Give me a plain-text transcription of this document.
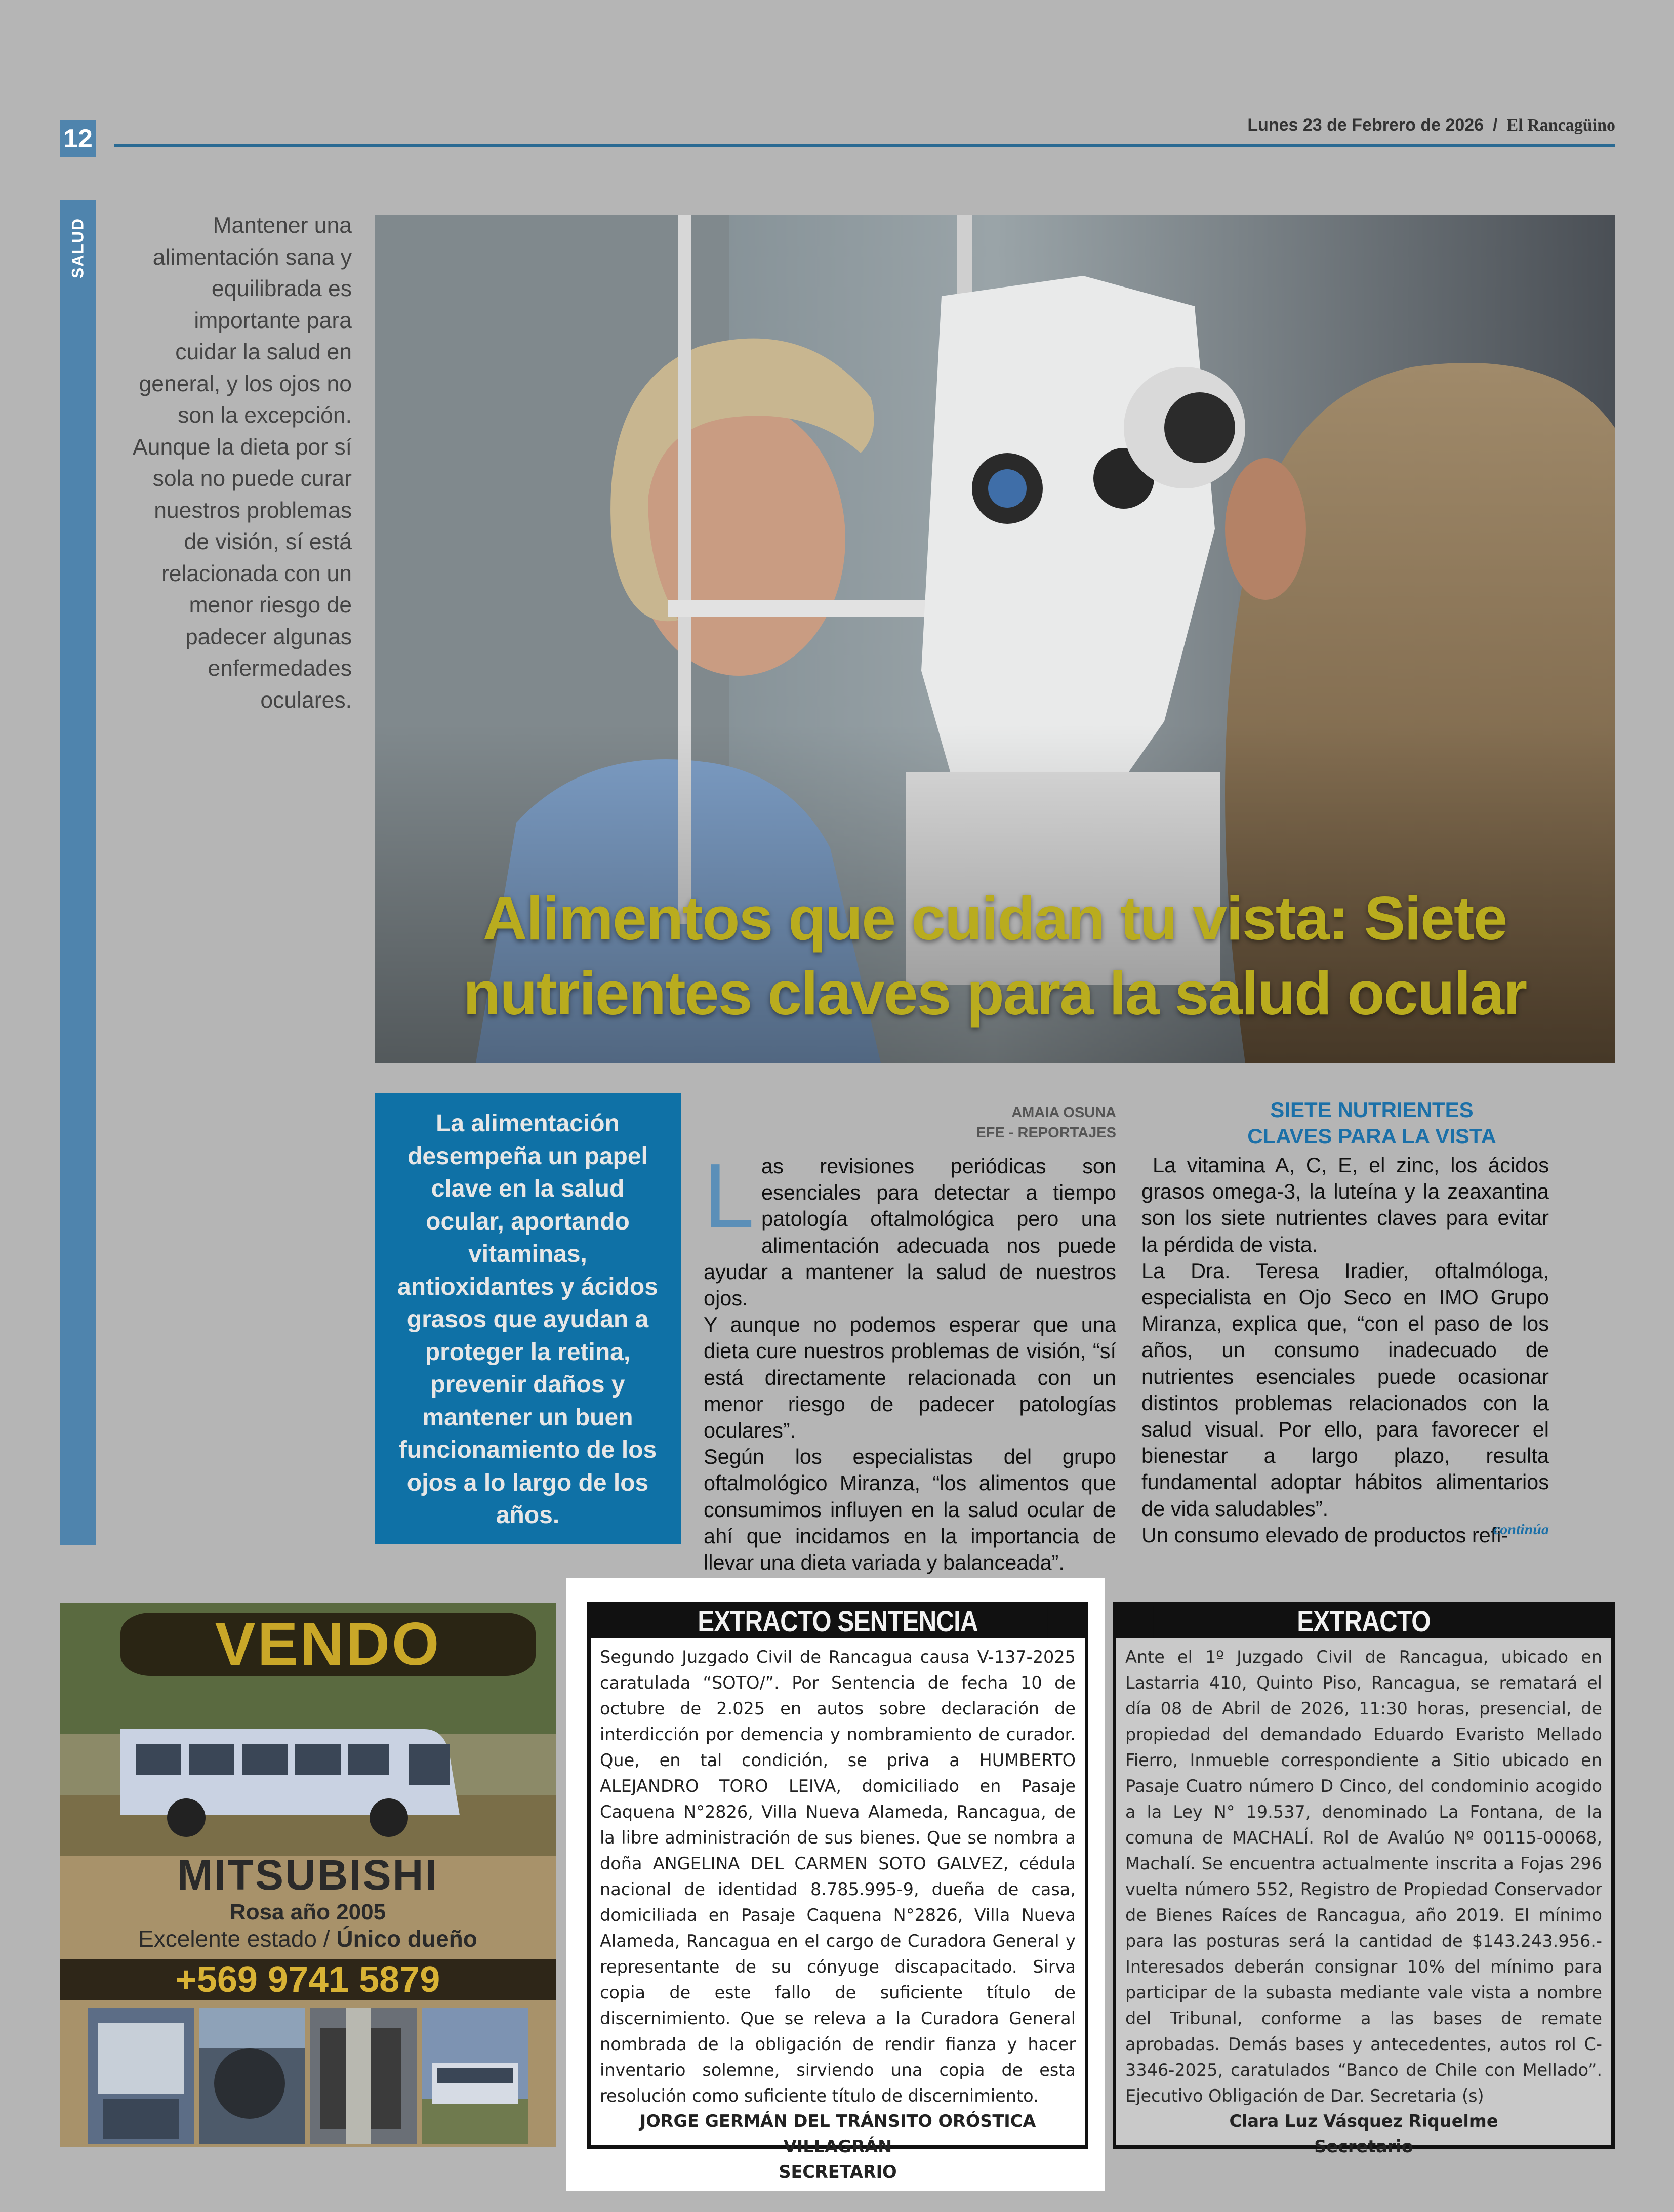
12	Lunes 23 de Febrero de 2026 / El Rancagüino
SALUD	Mantener una alimentación sana y equilibrada es importante para cuidar la salud en general, y los ojos no son la excepción. Aunque la dieta por sí sola no puede curar nuestros problemas de visión, sí está relacionada con un menor riesgo de padecer algunas enfermedades oculares.
Alimentos que cuidan tu vista: Siete nutrientes claves para la salud ocular
La alimentación desempeña un papel clave en la salud ocular, aportando vitaminas, antioxidantes y ácidos grasos que ayudan a proteger la retina, prevenir daños y mantener un buen funcionamiento de los ojos a lo largo de los años.
AMAIA OSUNA
EFE - REPORTAJES
L as revisiones periódicas son esenciales para detectar a tiempo patología oftalmológica pero una alimentación adecuada nos puede ayudar a mantener la salud de nuestros ojos.

Y aunque no podemos esperar que una dieta cure nuestros problemas de visión, “sí está directamente relacionada con un menor riesgo de padecer patologías oculares”.

Según los especialistas del grupo oftalmológico Miranza, “los alimentos que consumimos influyen en la salud ocular de ahí que incidamos en la importancia de llevar una dieta variada y balanceada”.

SIETE NUTRIENTES
CLAVES PARA LA VISTA

La vitamina A, C, E, el zinc, los ácidos grasos omega-3, la luteína y la zeaxantina son los siete nutrientes claves para evitar la pérdida de vista.

La Dra. Teresa Iradier, oftalmóloga, especialista en Ojo Seco en IMO Grupo Miranza, explica que, “con el paso de los años, un consumo inadecuado de nutrientes esenciales puede ocasionar distintos problemas relacionados con la salud visual. Por ello, para favorecer el bienestar a largo plazo, resulta fundamental adoptar hábitos alimentarios de vida saludables”.

Un consumo elevado de productos refi-

continúa
VENDO
MITSUBISHI
Rosa año 2005
Excelente estado / Único dueño
+569 9741 5879
EXTRACTO SENTENCIA
Segundo Juzgado Civil de Rancagua causa V-137-2025 caratulada “SOTO/”. Por Sentencia de fecha 10 de octubre de 2.025 en autos sobre declaración de interdicción por demencia y nombramiento de curador. Que, en tal condición, se priva a HUMBERTO ALEJANDRO TORO LEIVA, domiciliado en Pasaje Caquena N°2826, Villa Nueva Alameda, Rancagua, de la libre administración de sus bienes. Que se nombra a doña ANGELINA DEL CARMEN SOTO GALVEZ, cédula nacional de identidad 8.785.995-9, dueña de casa, domiciliada en Pasaje Caquena N°2826, Villa Nueva Alameda, Rancagua en el cargo de Curadora General y representante de su cónyuge discapacitado. Sirva copia de este fallo de suficiente título de discernimiento. Que se releva a la Curadora General nombrada de la obligación de rendir fianza y hacer inventario solemne, sirviendo una copia de esta resolución como suficiente título de discernimiento.
JORGE GERMÁN DEL TRÁNSITO ORÓSTICA VILLAGRÁN
SECRETARIO
EXTRACTO
Ante el 1º Juzgado Civil de Rancagua, ubicado en Lastarria 410, Quinto Piso, Rancagua, se rematará el día 08 de Abril de 2026, 11:30 horas, presencial, de propiedad del demandado Eduardo Evaristo Mellado Fierro, Inmueble correspondiente a Sitio ubicado en Pasaje Cuatro número D Cinco, del condominio acogido a la Ley N° 19.537, denominado La Fontana, de la comuna de MACHALÍ. Rol de Avalúo Nº 00115-00068, Machalí. Se encuentra actualmente inscrita a Fojas 296 vuelta número 552, Registro de Propiedad Conservador de Bienes Raíces de Rancagua, año 2019. El mínimo para las posturas será la cantidad de $143.243.956.- Interesados deberán consignar 10% del mínimo para participar de la subasta mediante vale vista a nombre del Tribunal, conforme a las bases de remate aprobadas. Demás bases y antecedentes, autos rol C-3346-2025, caratulados “Banco de Chile con Mellado”. Ejecutivo Obligación de Dar. Secretaria (s)
Clara Luz Vásquez Riquelme
Secretario
